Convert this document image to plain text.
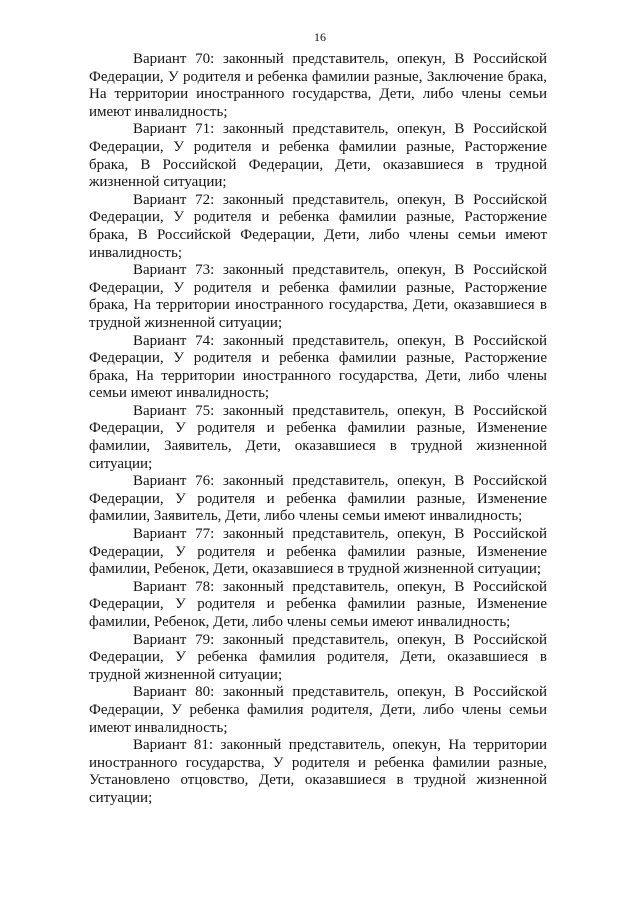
16

Вариант 70: законный представитель, опекун, В Российской Федерации, У родителя и ребенка фамилии разные, Заключение брака, На территории иностранного государства, Дети, либо члены семьи имеют инвалидность;

Вариант 71: законный представитель, опекун, В Российской Федерации, У родителя и ребенка фамилии разные, Расторжение брака, В Российской Федерации, Дети, оказавшиеся в трудной жизненной ситуации;

Вариант 72: законный представитель, опекун, В Российской Федерации, У родителя и ребенка фамилии разные, Расторжение брака, В Российской Федерации, Дети, либо члены семьи имеют инвалидность;

Вариант 73: законный представитель, опекун, В Российской Федерации, У родителя и ребенка фамилии разные, Расторжение брака, На территории иностранного государства, Дети, оказавшиеся в трудной жизненной ситуации;

Вариант 74: законный представитель, опекун, В Российской Федерации, У родителя и ребенка фамилии разные, Расторжение брака, На территории иностранного государства, Дети, либо члены семьи имеют инвалидность;

Вариант 75: законный представитель, опекун, В Российской Федерации, У родителя и ребенка фамилии разные, Изменение фамилии, Заявитель, Дети, оказавшиеся в трудной жизненной ситуации;

Вариант 76: законный представитель, опекун, В Российской Федерации, У родителя и ребенка фамилии разные, Изменение фамилии, Заявитель, Дети, либо члены семьи имеют инвалидность;

Вариант 77: законный представитель, опекун, В Российской Федерации, У родителя и ребенка фамилии разные, Изменение фамилии, Ребенок, Дети, оказавшиеся в трудной жизненной ситуации;

Вариант 78: законный представитель, опекун, В Российской Федерации, У родителя и ребенка фамилии разные, Изменение фамилии, Ребенок, Дети, либо члены семьи имеют инвалидность;

Вариант 79: законный представитель, опекун, В Российской Федерации, У ребенка фамилия родителя, Дети, оказавшиеся в трудной жизненной ситуации;

Вариант 80: законный представитель, опекун, В Российской Федерации, У ребенка фамилия родителя, Дети, либо члены семьи имеют инвалидность;

Вариант 81: законный представитель, опекун, На территории иностранного государства, У родителя и ребенка фамилии разные, Установлено отцовство, Дети, оказавшиеся в трудной жизненной ситуации;
